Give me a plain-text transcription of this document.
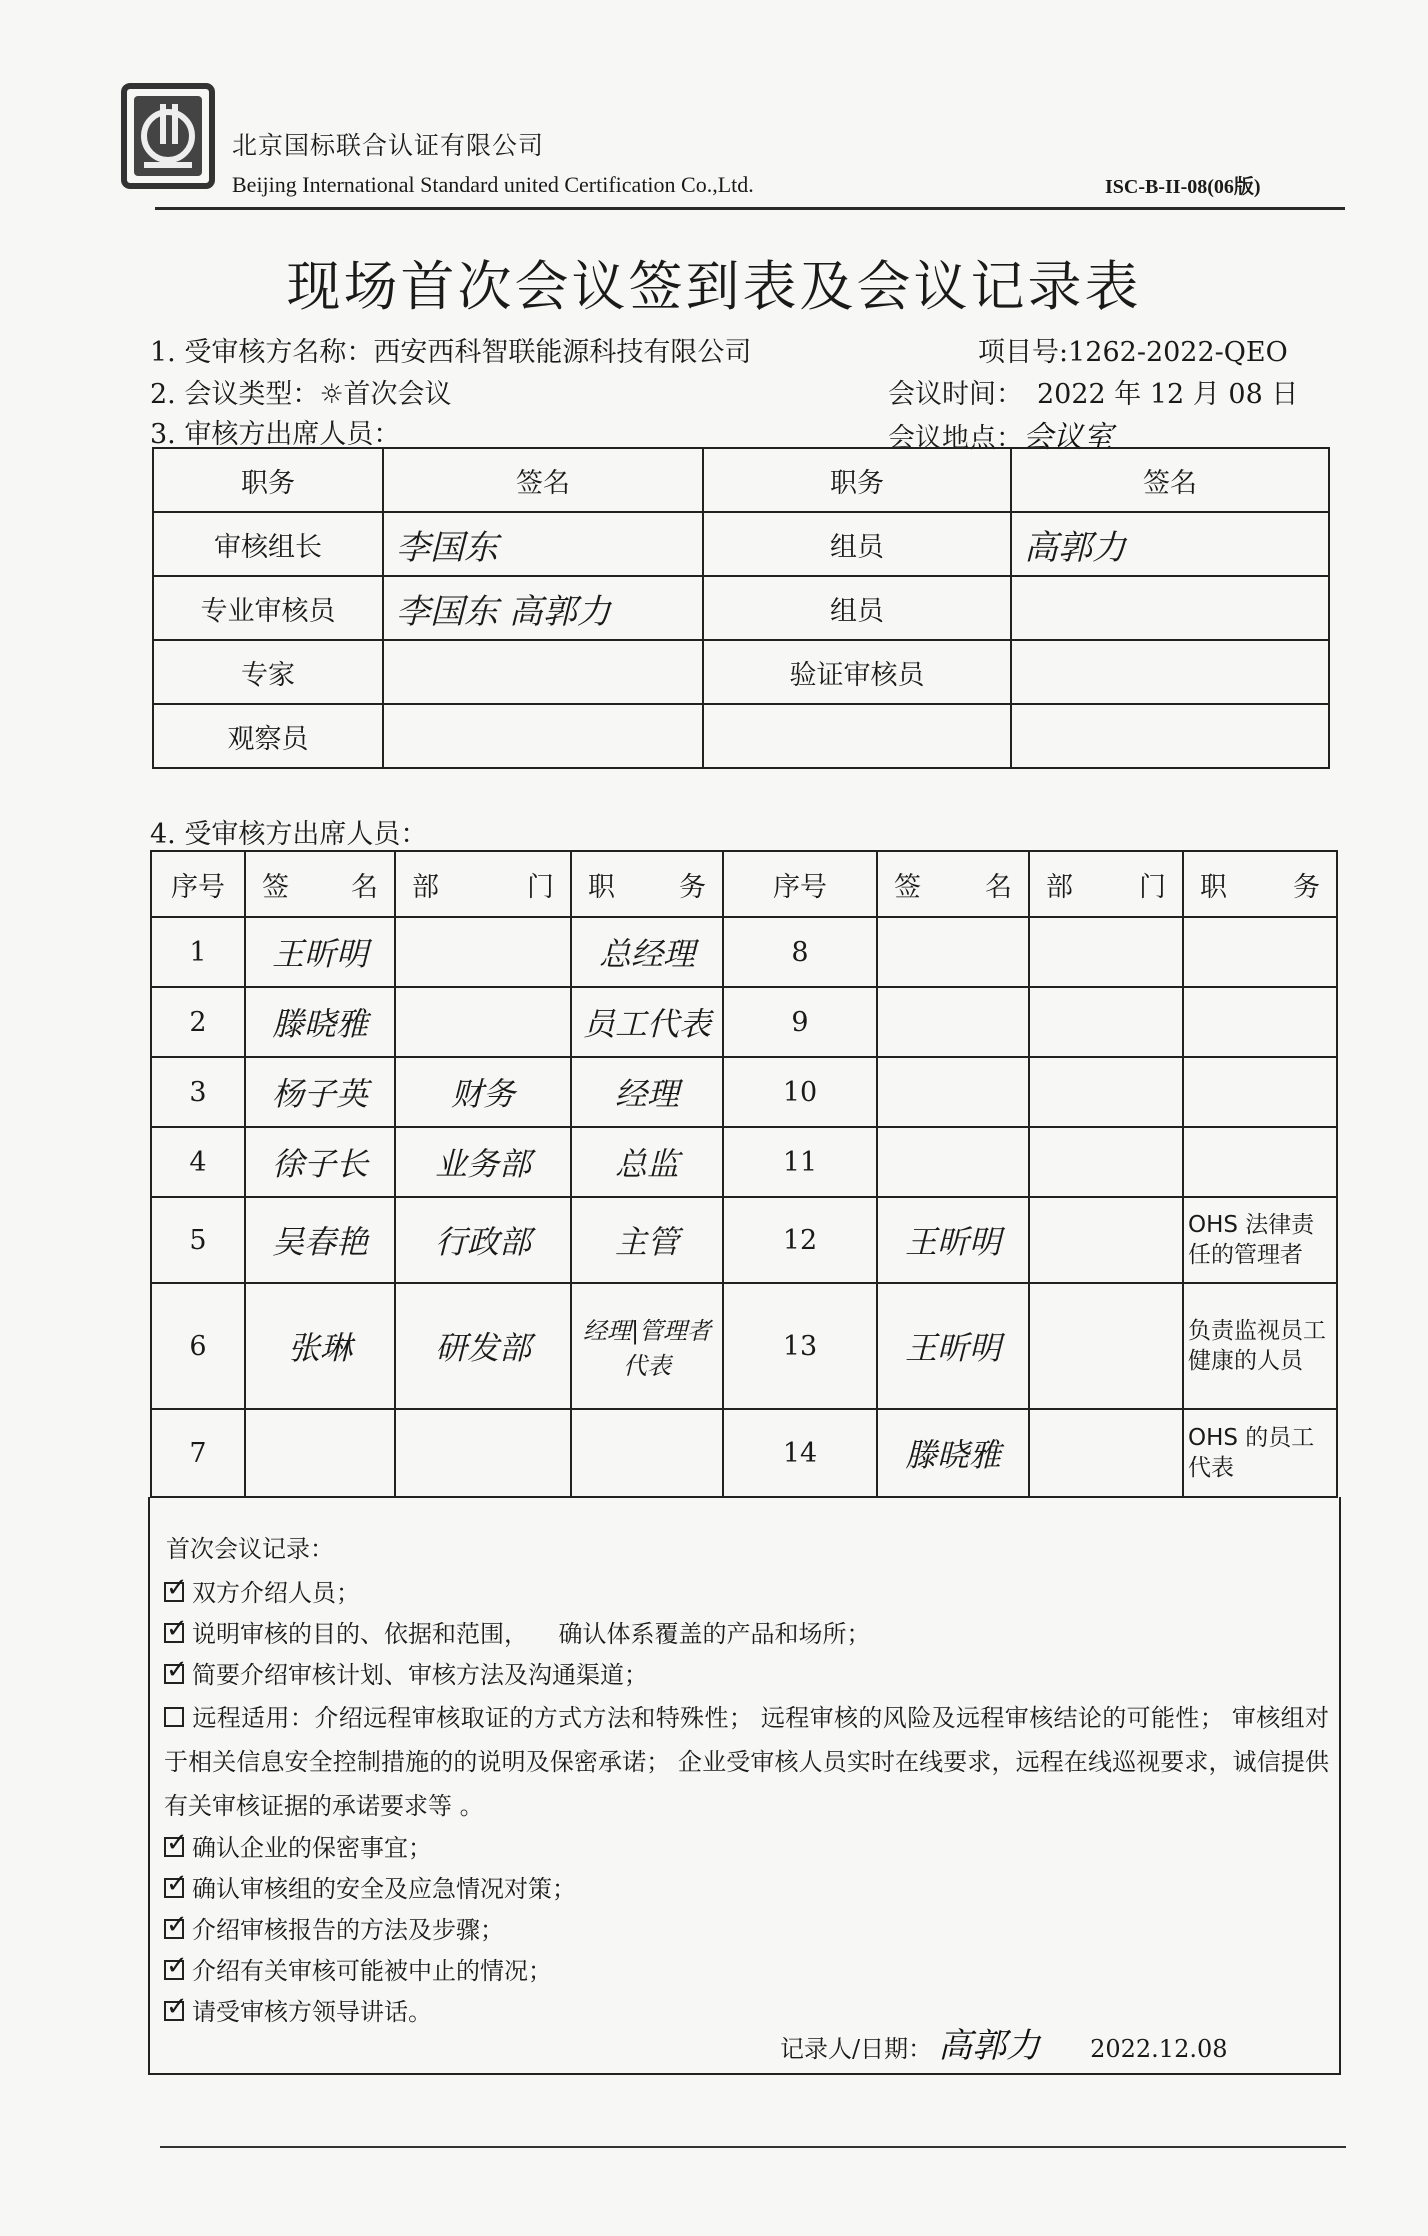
北京国标联合认证有限公司
Beijing International Standard united Certification Co.,Ltd.	ISC-B-II-08(06版)
现场首次会议签到表及会议记录表
1. 受审核方名称：西安西科智联能源科技有限公司	项目号:1262-2022-QEO
2. 会议类型：☼首次会议	会议时间： 2022 年 12 月 08 日
3. 审核方出席人员：	会议地点：会议室
职务	签名	职务	签名
审核组长	李国东	组员	高郭力
专业审核员	李国东 高郭力	组员	
专家		验证审核员	
观察员			
4. 受审核方出席人员：
序号	签名	部门	职务	序号	签名	部门	职务
1	王昕明		总经理	8			
2	滕晓雅		员工代表	9			
3	杨子英	财务	经理	10			
4	徐子长	业务部	总监	11			
5	吴春艳	行政部	主管	12	王昕明		OHS 法律责任的管理者
6	张琳	研发部	经理|管理者代表	13	王昕明		负责监视员工健康的人员
7				14	滕晓雅		OHS 的员工代表
首次会议记录：
✓双方介绍人员；
✓说明审核的目的、依据和范围，    确认体系覆盖的产品和场所；
✓简要介绍审核计划、审核方法及沟通渠道；
远程适用：介绍远程审核取证的方式方法和特殊性； 远程审核的风险及远程审核结论的可能性； 审核组对于相关信息安全控制措施的的说明及保密承诺； 企业受审核人员实时在线要求，远程在线巡视要求，诚信提供有关审核证据的承诺要求等 。
✓确认企业的保密事宜；
✓确认审核组的安全及应急情况对策；
✓介绍审核报告的方法及步骤；
✓介绍有关审核可能被中止的情况；
✓请受审核方领导讲话。
记录人/日期： 高郭力 2022.12.08
